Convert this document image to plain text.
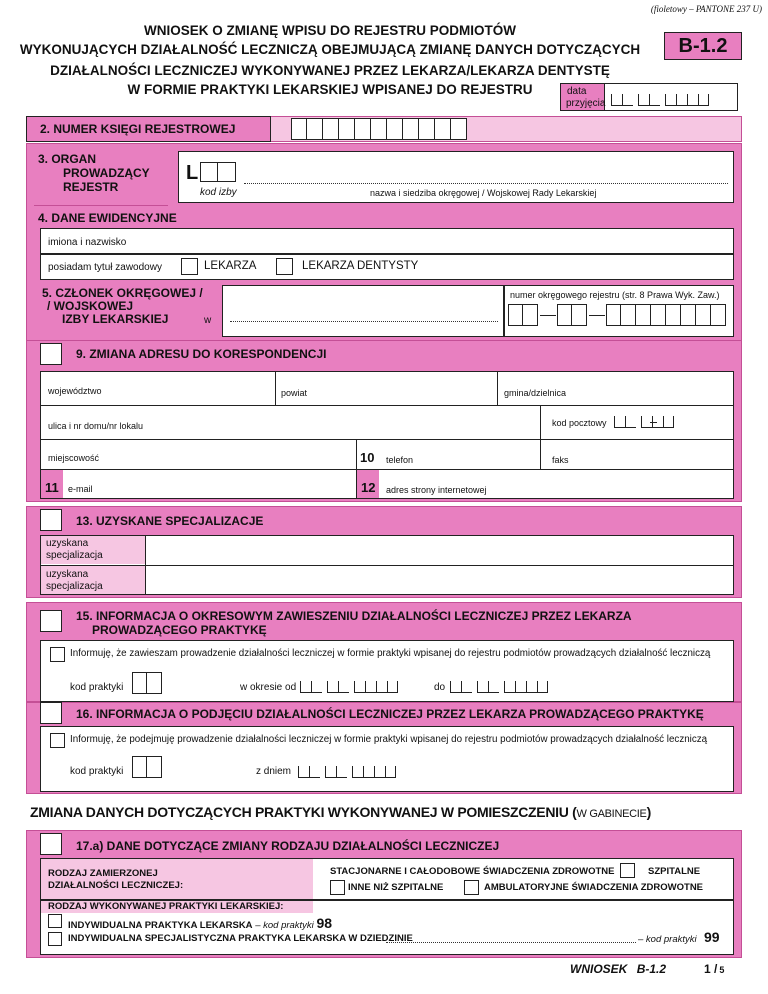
(fioletowy – PANTONE 237 U)
WNIOSEK O ZMIANĘ WPISU DO REJESTRU PODMIOTÓW
WYKONUJĄCYCH DZIAŁALNOŚĆ LECZNICZĄ OBEJMUJĄCĄ ZMIANĘ DANYCH DOTYCZĄCYCH
DZIAŁALNOŚCI LECZNICZEJ WYKONYWANEJ PRZEZ LEKARZA/LEKARZA DENTYSTĘ
W FORMIE PRAKTYKI LEKARSKIEJ WPISANEJ DO REJESTRU
B-1.2
data
przyjęcia
2. NUMER KSIĘGI REJESTROWEJ
3. ORGAN
PROWADZĄCY
REJESTR
L
kod izby	nazwa i siedziba okręgowej / Wojskowej Rady Lekarskiej
4. DANE EWIDENCYJNE
imiona i nazwisko
posiadam tytuł zawodowy	LEKARZA	LEKARZA DENTYSTY
5. CZŁONEK OKRĘGOWEJ /
/ WOJSKOWEJ
IZBY LEKARSKIEJ	w
numer okręgowego rejestru (str. 8 Prawa Wyk. Zaw.)
9. ZMIANA ADRESU DO KORESPONDENCJI
województwo	powiat	gmina/dzielnica
ulica i nr domu/nr lokalu	kod pocztowy
miejscowość	10 telefon	faks
11 e-mail	12 adres strony internetowej
13. UZYSKANE SPECJALIZACJE
uzyskana
specjalizacja
uzyskana
specjalizacja
15. INFORMACJA O OKRESOWYM ZAWIESZENIU DZIAŁALNOŚCI LECZNICZEJ PRZEZ LEKARZA
PROWADZĄCEGO PRAKTYKĘ
Informuję, że zawieszam prowadzenie działalności leczniczej w formie praktyki wpisanej do rejestru podmiotów prowadzących działalność leczniczą
kod praktyki	w okresie od	do
16. INFORMACJA O PODJĘCIU DZIAŁALNOŚCI LECZNICZEJ PRZEZ LEKARZA PROWADZĄCEGO PRAKTYKĘ
Informuję, że podejmuję prowadzenie działalności leczniczej w formie praktyki wpisanej do rejestru podmiotów prowadzących działalność leczniczą
kod praktyki	z dniem
ZMIANA DANYCH DOTYCZĄCYCH PRAKTYKI WYKONYWANEJ W POMIESZCZENIU (W GABINECIE)
17.a) DANE DOTYCZĄCE ZMIANY RODZAJU DZIAŁALNOŚCI LECZNICZEJ
RODZAJ ZAMIERZONEJ
DZIAŁALNOŚCI LECZNICZEJ:
STACJONARNE I CAŁODOBOWE ŚWIADCZENIA ZDROWOTNE	SZPITALNE
INNE NIŻ SZPITALNE	AMBULATORYJNE ŚWIADCZENIA ZDROWOTNE
RODZAJ WYKONYWANEJ PRAKTYKI LEKARSKIEJ:
INDYWIDUALNA PRAKTYKA LEKARSKA – kod praktyki 98
INDYWIDUALNA SPECJALISTYCZNA PRAKTYKA LEKARSKA W DZIEDZINIE	– kod praktyki 99
WNIOSEK B-1.2	1 / 5
